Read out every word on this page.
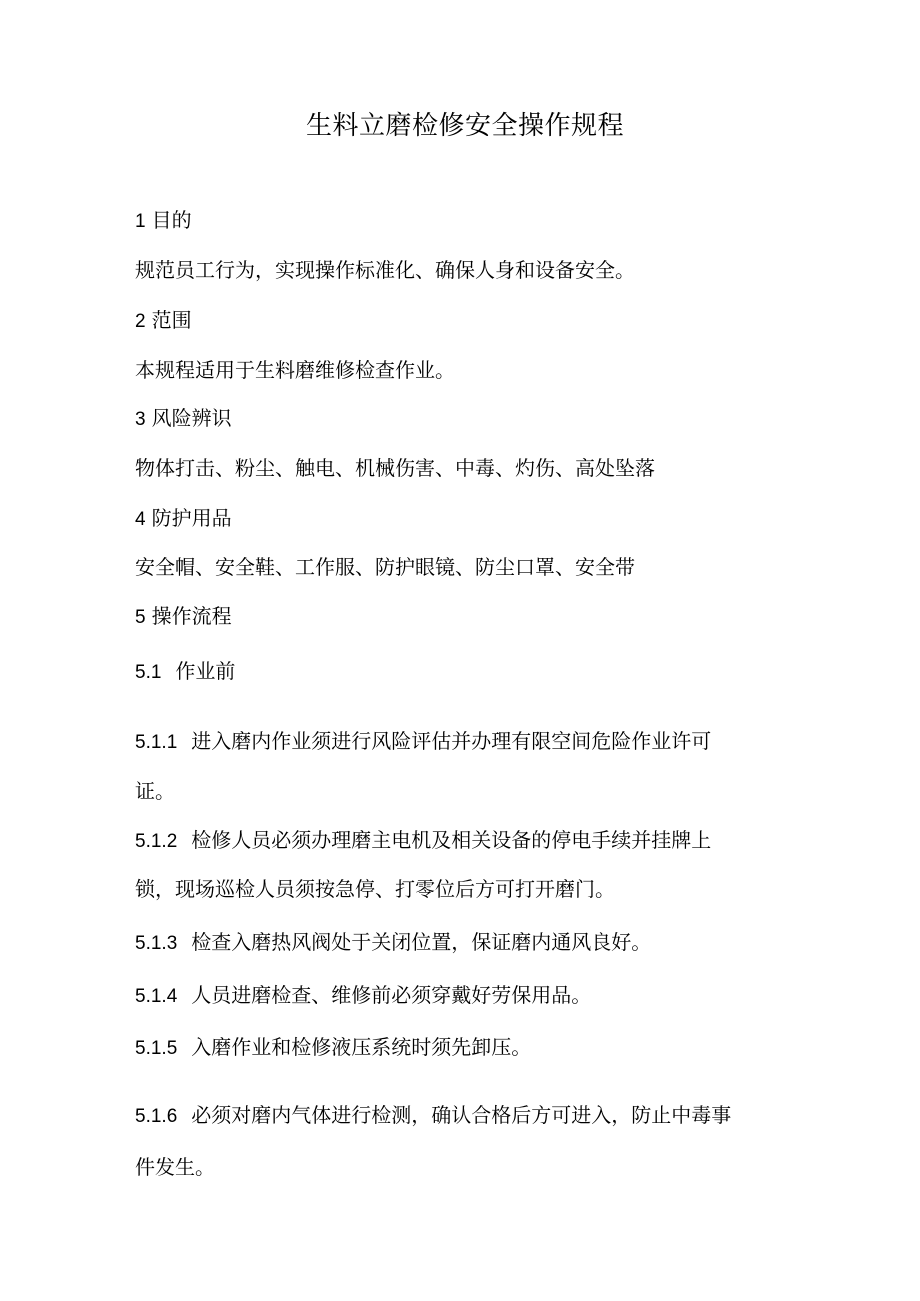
生料立磨检修安全操作规程
1 目的
规范员工行为，实现操作标准化、确保人身和设备安全。
2 范围
本规程适用于生料磨维修检查作业。
3 风险辨识
物体打击、粉尘、触电、机械伤害、中毒、灼伤、高处坠落
4 防护用品
安全帽、安全鞋、工作服、防护眼镜、防尘口罩、安全带
5 操作流程
5.1 作业前
5.1.1 进入磨内作业须进行风险评估并办理有限空间危险作业许可
证。
5.1.2 检修人员必须办理磨主电机及相关设备的停电手续并挂牌上
锁，现场巡检人员须按急停、打零位后方可打开磨门。
5.1.3 检查入磨热风阀处于关闭位置，保证磨内通风良好。
5.1.4 人员进磨检查、维修前必须穿戴好劳保用品。
5.1.5 入磨作业和检修液压系统时须先卸压。
5.1.6 必须对磨内气体进行检测，确认合格后方可进入，防止中毒事
件发生。
